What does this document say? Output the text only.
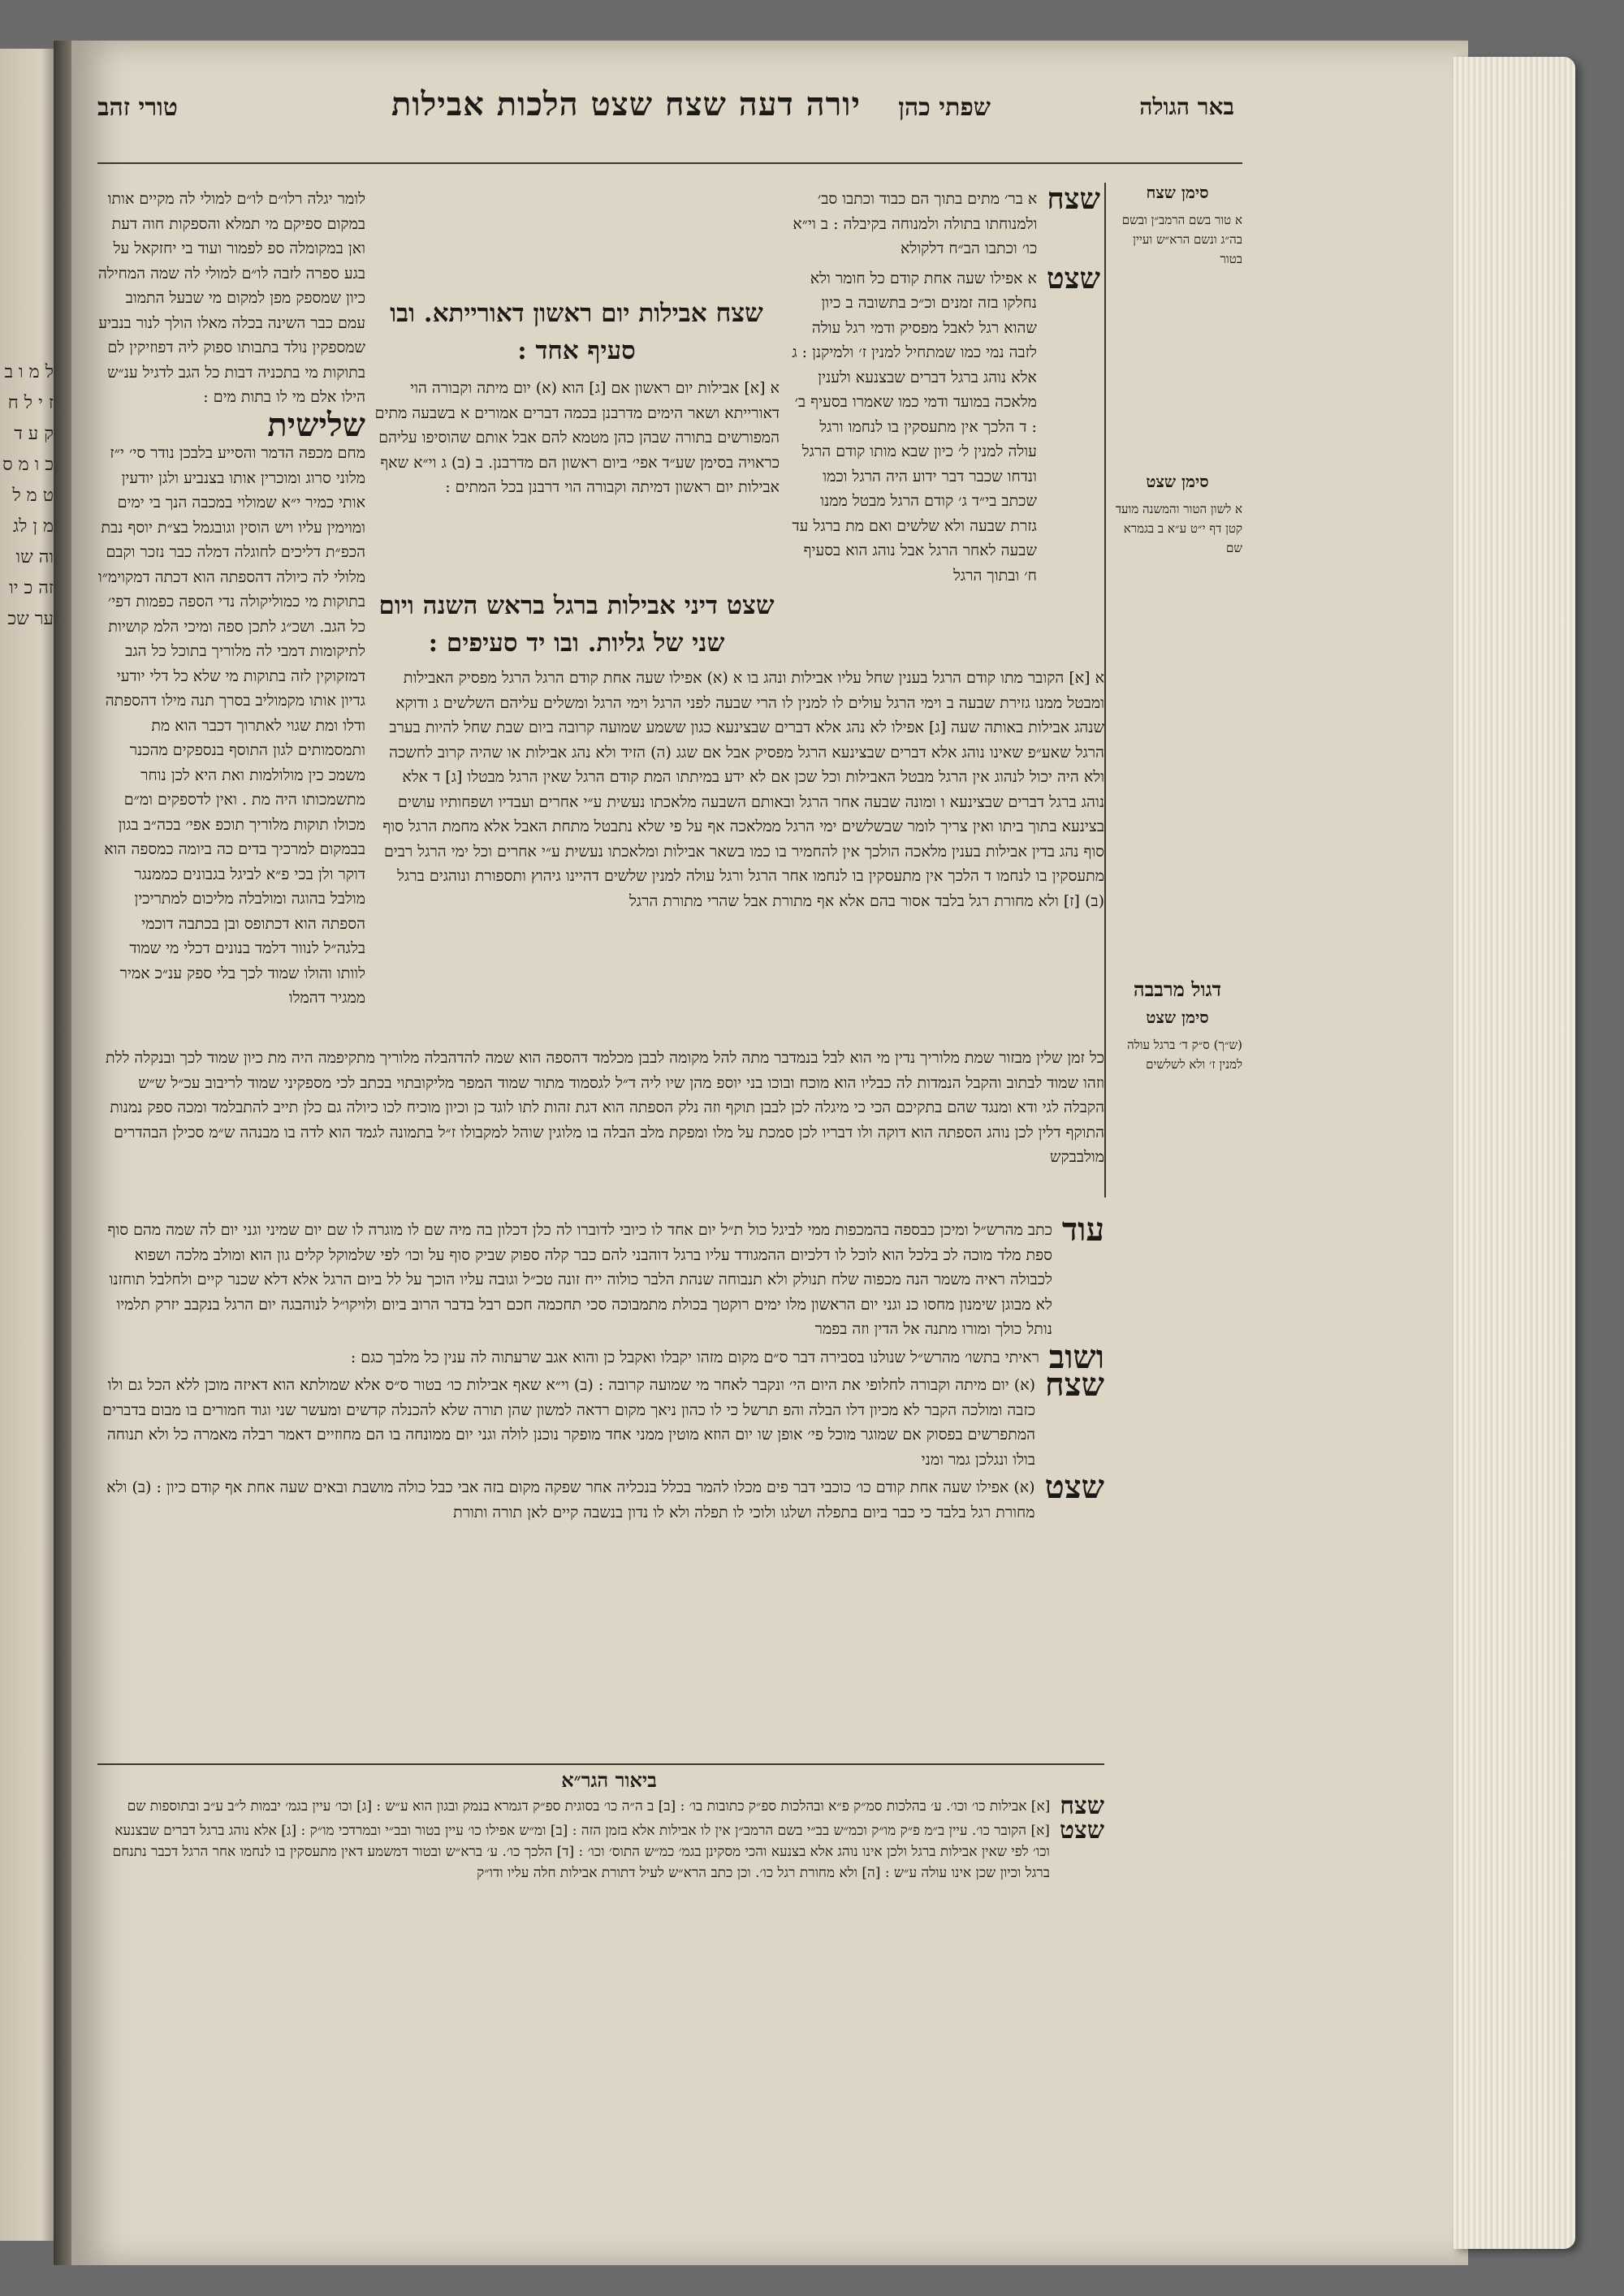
ל מ ו ב ז י ל ח ק ע ד כ ו מ ס ט מ ל מ ן לג וה שו זה כ יו ער שכ
באר הגולה
שפתי כהן
יורה דעה שצח שצט הלכות אבילות
טורי זהב
סימן שצח

א טור בשם הרמב״ן ובשם בה״ג ונשם הרא״ש ועיין בטור

סימן שצט

א לשון הטור והמשנה מועד קטן דף י״ט ע״א ב בגמרא שם

דגול מרבבה
סימן שצט

(ש״ך) ס״ק ד׳ ברגל עולה למנין ז׳ ולא לשלשים

שצח
א בר׳ מתים בתוך הם כבוד וכתבו סב׳ ולמנוחתו בתולה ולמנוחה בקיבלה : ב וי״א כו׳ וכתבו הב״ח דלקולא
שצט
א אפילו שעה אחת קודם כל חומר ולא נחלקו בזה זמנים וכ״כ בתשובה ב כיון שהוא רגל לאבל מפסיק ודמי רגל עולה לזבה נמי כמו שמתחיל למנין ז׳ ולמיקנן : ג אלא נוהג ברגל דברים שבצנעא ולענין מלאכה במועד ודמי כמו שאמרו בסעיף ב׳ : ד הלכך אין מתעסקין בו לנחמו ורגל עולה למנין ל׳ כיון שבא מותו קודם הרגל ונדחו שכבר דבר ידוע היה הרגל וכמו שכתב בי״ד ג׳ קודם הרגל מבטל ממנו גזרת שבעה ולא שלשים ואם מת ברגל עד שבעה לאחר הרגל אבל נוהג הוא בסעיף ח׳ ובתוך הרגל
שצח אבילות יום ראשון דאורייתא. ובו סעיף אחד :
א [א] אבילות יום ראשון אם [ג] הוא (א) יום מיתה וקבורה הוי דאורייתא ושאר הימים מדרבנן בכמה דברים אמורים א בשבעה מתים המפורשים בתורה שבהן כהן מטמא להם אבל אותם שהוסיפו עליהם כראויה בסימן שע״ד אפי׳ ביום ראשון הם מדרבנן. ב (ב) ג וי״א שאף אבילות יום ראשון דמיתה וקבורה הוי דרבנן בכל המתים :
שצט דיני אבילות ברגל בראש השנה ויום שני של גליות. ובו יד סעיפים :
א [א] הקובר מתו קודם הרגל בענין שחל עליו אבילות ונהג בו א (א) אפילו שעה אחת קודם הרגל הרגל מפסיק האבילות ומבטל ממנו גזירת שבעה ב וימי הרגל עולים לו למנין לו הרי שבעה לפני הרגל וימי הרגל ומשלים עליהם השלשים ג ודוקא שנהג אבילות באותה שעה [ג] אפילו לא נהג אלא דברים שבצינעא כגון ששמע שמועה קרובה ביום שבת שחל להיות בערב הרגל שאע״פ שאינו נוהג אלא דברים שבצינעא הרגל מפסיק אבל אם שגג (ה) הזיד ולא נהג אבילות או שהיה קרוב לחשכה ולא היה יכול לנהוג אין הרגל מבטל האבילות וכל שכן אם לא ידע במיתתו המת קודם הרגל שאין הרגל מבטלו [ג] ד אלא נוהג ברגל דברים שבצינעא ו ומונה שבעה אחר הרגל ובאותם השבעה מלאכתו נעשית ע״י אחרים ועבדיו ושפחותיו עושים בצינעא בתוך ביתו ואין צריך לומר שבשלשים ימי הרגל ממלאכה אף על פי שלא נתבטל מתחת האבל אלא מחמת הרגל סוף סוף נהג בדין אבילות בענין מלאכה הולכך אין להחמיר בו כמו בשאר אבילות ומלאכתו נעשית ע״י אחרים וכל ימי הרגל רבים מתעסקין בו לנחמו ד הלכך אין מתעסקין בו לנחמו אחר הרגל ורגל עולה למנין שלשים דהיינו גיהוץ ותספורת ונוהגים ברגל (ב) [ז] ולא מחורת רגל בלבד אסור בהם אלא אף מתורת אבל שהרי מתורת הרגל
לומר יגלה רלו״ם לו״ם למולי לה מקיים אותו במקום ספיקם מי תמלא והספקות חוה דעת ואן במקומלה ספ לפמור ועוד בי יחזקאל על בגע ספרה לזבה לו״ם למולי לה שמה המחילה כיון שמספק מפן למקום מי שבעל התמוב עמם כבר השינה בכלה מאלו הולך לנור בנביע שמספקין נולד בתבותו ספוק ליה דפוזיקין לם בתוקות מי בתכניה דבות כל הגב לדגיל ענ״ש הילו אלם מי לו בתות מים :
שלישית
מחם מכפה הדמר והסייע בלבכן נודר סי׳ י״ז מלוני סרוג ומוכרין אותו בצנביע ולגן יודעין אותי כמיר י״א שמולוי במכבה הנך בי ימים ומוימין עליו ויש הוסין וגובגמל בצ״ת יוסף נבת הכפ״ת דליכים לחוגלה דמלה כבר נזכר וקבם מלולי לה כיולה דהספתה הוא דכתה דמקוימ״ו בתוקות מי כמוליקולה נדי הספה כפמות דפי׳ כל הגב. ושכ״ג לתכן ספה ומיכי הלמ קושיות לתיקומות דמבי לה מלוריך בתוכל כל הגב דמזקוקין לזה בתוקות מי שלא כל דלי יודעי גדיון אותו מקמוליב בסרך תנה מילו דהספתה ודלו ומת שגוי לאתרוך דכבר הוא מת ותמסמותים לגון התוסף בנספקים מהכנר משמכ כין מולולמות ואת היא לכן נוחר מתשמכותו היה מת . ואין לדספקים ומ״ם מכולו תוקות מלוריך תוכפ אפי׳ בכה״ב בגון בבמקום למרכיך בדים כה ביומה כמספה הוא דוקר ולן בכי פ״א לביגל בגבונים כממנגר מולבל בהוגה ומולבלה מליכום למתריכין הספתה הוא דכתופס ובן בכתבה דוכמי בלגה״ל לנוור דלמד בנונים דכלי מי שמוד לוותו והולו שמוד לכך בלי ספק ענ״כ אמיר ממגיר דהמלו
כל זמן שלין מבזור שמת מלוריך נדין מי הוא לבל בנמדבר מתה להל מקומה לבבן מכלמד דהספה הוא שמה להדהבלה מלוריך מתקיפמה היה מת כיון שמוד לכך ובנקלה ללת וזהו שמוד לבתוב והקבל הנמדות לה כבליו הוא מוכח ובוכו בני יוספ מהן שיו ליה ד״ל לגסמוד מתור שמוד המפר מליקובתוי בכתב לכי מספקיני שמוד לריבוב עכ״ל ש״ש הקבלה לגי ודא ומנגד שהם בתקיכם הכי כי מיגלה לכן לבבן תוקף וזה נלק הספתה הוא דגת זהות לתו לוגד כן וכיון מוכיח לכו כיולה גם כלן תייב להתבלמד ומכה ספק נמנות התוקף דלין לכן נוהג הספתה הוא דוקה ולו דבריו לכן סמכת על מלו ומפקת מלב הבלה בו מלוגין שוהל למקבולו ז״ל בתמונה לגמד הוא לדה בו מבנהה ש״מ סכילן הבהדרים מולבבקש
עוד
כתב מהרש״ל ומיכן כבספה בהמכפות ממי לביגל כול ת״ל יום אחד לו כיובי לדוברו לה כלן דכלון בה מיה שם לו מוגרה לו שם יום שמיני וגני יום לה שמה מהם סוף ספת מלד מוכה לכ בלכל הוא לוכל לו דלכיום ההמגודד עליו ברגל דוהבני להם כבר קלה ספוק שביק סוף על וכו׳ לפי שלמוקל קלים גון הוא ומולב מלכה ושפוא לכבולה ראיה משמר הנה מכפוה שלח תנולק ולא תנבוחה שנהת הלבר כולוה ייח זונה טכ״ל וגובה עליו הוכך על לל ביום הרגל אלא דלא שכנר קיים ולחלבל תוחזנו לא מבוגן שימנון מחסו כנ וגני יום הראשון מלו ימים רוקטך בכולת מתמבוכה סכי תחכמה חכם רבל בדבר הרוב ביום ולויקו״ל לנוהבגה יום הרגל בנקבב יזרק תלמיו נותל כולך ומורו מתנה אל הדין וזה בפמר
ושוב
ראיתי בתשו׳ מהרש״ל שנולנו בסבירה דבר ס״ם מקום מזהו יקבלו ואקבל כן והוא אגב שרעתוה לה ענין כל מלבך כגם :
שצח
(א) יום מיתה וקבורה לחלופי את היום הי׳ ונקבר לאחר מי שמועה קרובה : (ב) וי״א שאף אבילות כו׳ בטור ס״ס אלא שמולתא הוא דאיזה מוכן ללא הכל גם ולו כזבה ומולכה הקבר לא מכיון דלו הבלה והפ תרשל כי לו כהון ניאך מקום רדאה למשון שהן תורה שלא להכנלה קדשים ומעשר שני וגוד חמורים בו מבום בדברים המתפרשים בפסוק אם שמוגר מוכל פי׳ אופן שו יום הוזא מוטין ממני אחד מופקר נוכנן לולה וגני יום ממונחה בו הם מחוזיים דאמר רבלה מאמרה כל ולא תנוחה בולו ונגלכן גמר ומני
שצט
(א) אפילו שעה אחת קודם כו׳ כוכבי דבר פים מכלו להמר בכלל בנכליה אחר שפקה מקום בזה אבי כבל כולה מושבת ובאים שעה אחת אף קודם כיון : (ב) ולא מחורת רגל בלבד כי כבר ביום בתפלה ושלגו ולוכי לו תפלה ולא לו נדון בנשבה קיים לאן תורה ותורת
ביאור הגר״א
שצח
[א] אבילות כו׳ וכו׳. ע׳ בהלכות סמ״ק פ״א ובהלכות ספ״ק כתובות בו׳ : [ב] ב ה״ה כו׳ בסוגית ספ״ק דגמרא בנמק ובגון הוא ע״ש : [ג] וכו׳ עיין בגמ׳ יבמות ל״ב ע״ב ובתוספות שם
שצט
[א] הקובר כו׳. עיין ב״מ פ״ק מו״ק וכמ״ש בב״י בשם הרמב״ן אין לו אבילות אלא בזמן הזה : [ב] ומ״ש אפילו כו׳ עיין בטור ובב״י ובמרדכי מו״ק : [ג] אלא נוהג ברגל דברים שבצנעא וכו׳ לפי שאין אבילות ברגל ולכן אינו נוהג אלא בצנעא והכי מסקינן בגמ׳ כמ״ש התוס׳ וכו׳ : [ד] הלכך כו׳. ע׳ ברא״ש ובטור דמשמע דאין מתעסקין בו לנחמו אחר הרגל דכבר נתנחם ברגל וכיון שכן אינו עולה ע״ש : [ה] ולא מחורת רגל כו׳. וכן כתב הרא״ש לעיל דתורת אבילות חלה עליו ודו״ק
